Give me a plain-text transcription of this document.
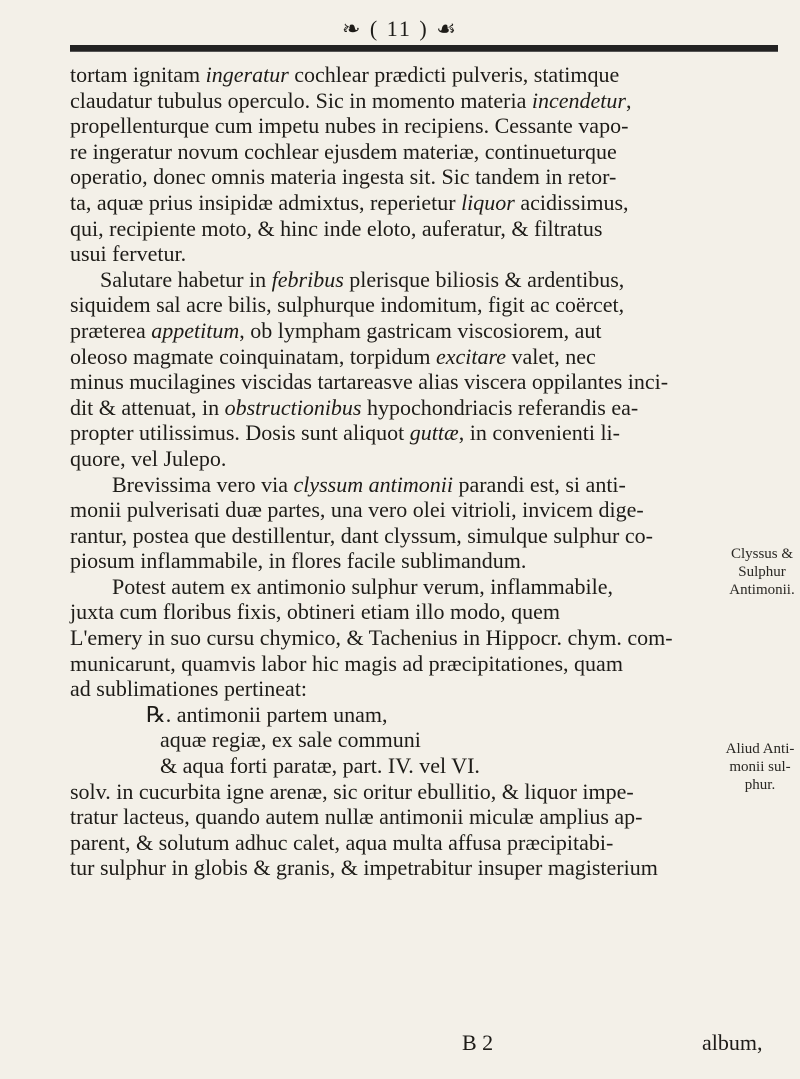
❧ ( 11 ) ☙
tortam ignitam ingeratur cochlear prædicti pulveris, statimque
claudatur tubulus operculo. Sic in momento materia incendetur,
propellenturque cum impetu nubes in recipiens. Cessante vapo-
re ingeratur novum cochlear ejusdem materiæ, continueturque
operatio, donec omnis materia ingesta sit. Sic tandem in retor-
ta, aquæ prius insipidæ admixtus, reperietur liquor acidissimus,
qui, recipiente moto, & hinc inde eloto, auferatur, & filtratus
usui fervetur.
Salutare habetur in febribus plerisque biliosis & ardentibus,
siquidem sal acre bilis, sulphurque indomitum, figit ac coërcet,
præterea appetitum, ob lympham gastricam viscosiorem, aut
oleoso magmate coinquinatam, torpidum excitare valet, nec
minus mucilagines viscidas tartareasve alias viscera oppilantes inci-
dit & attenuat, in obstructionibus hypochondriacis referandis ea-
propter utilissimus. Dosis sunt aliquot guttæ, in convenienti li-
quore, vel Julepo.
Brevissima vero via clyssum antimonii parandi est, si anti-
monii pulverisati duæ partes, una vero olei vitrioli, invicem dige-
rantur, postea que destillentur, dant clyssum, simulque sulphur co-
piosum inflammabile, in flores facile sublimandum.
Potest autem ex antimonio sulphur verum, inflammabile,
juxta cum floribus fixis, obtineri etiam illo modo, quem
L'emery in suo cursu chymico, & Tachenius in Hippocr. chym. com-
municarunt, quamvis labor hic magis ad præcipitationes, quam
ad sublimationes pertineat:
℞. antimonii partem unam,
aquæ regiæ, ex sale communi
& aqua forti paratæ, part. IV. vel VI.
solv. in cucurbita igne arenæ, sic oritur ebullitio, & liquor impe-
tratur lacteus, quando autem nullæ antimonii miculæ amplius ap-
parent, & solutum adhuc calet, aqua multa affusa præcipitabi-
tur sulphur in globis & granis, & impetrabitur insuper magisterium
Clyssus & Sulphur Antimonii.
Aliud Anti-monii sul-phur.
B 2	album,
